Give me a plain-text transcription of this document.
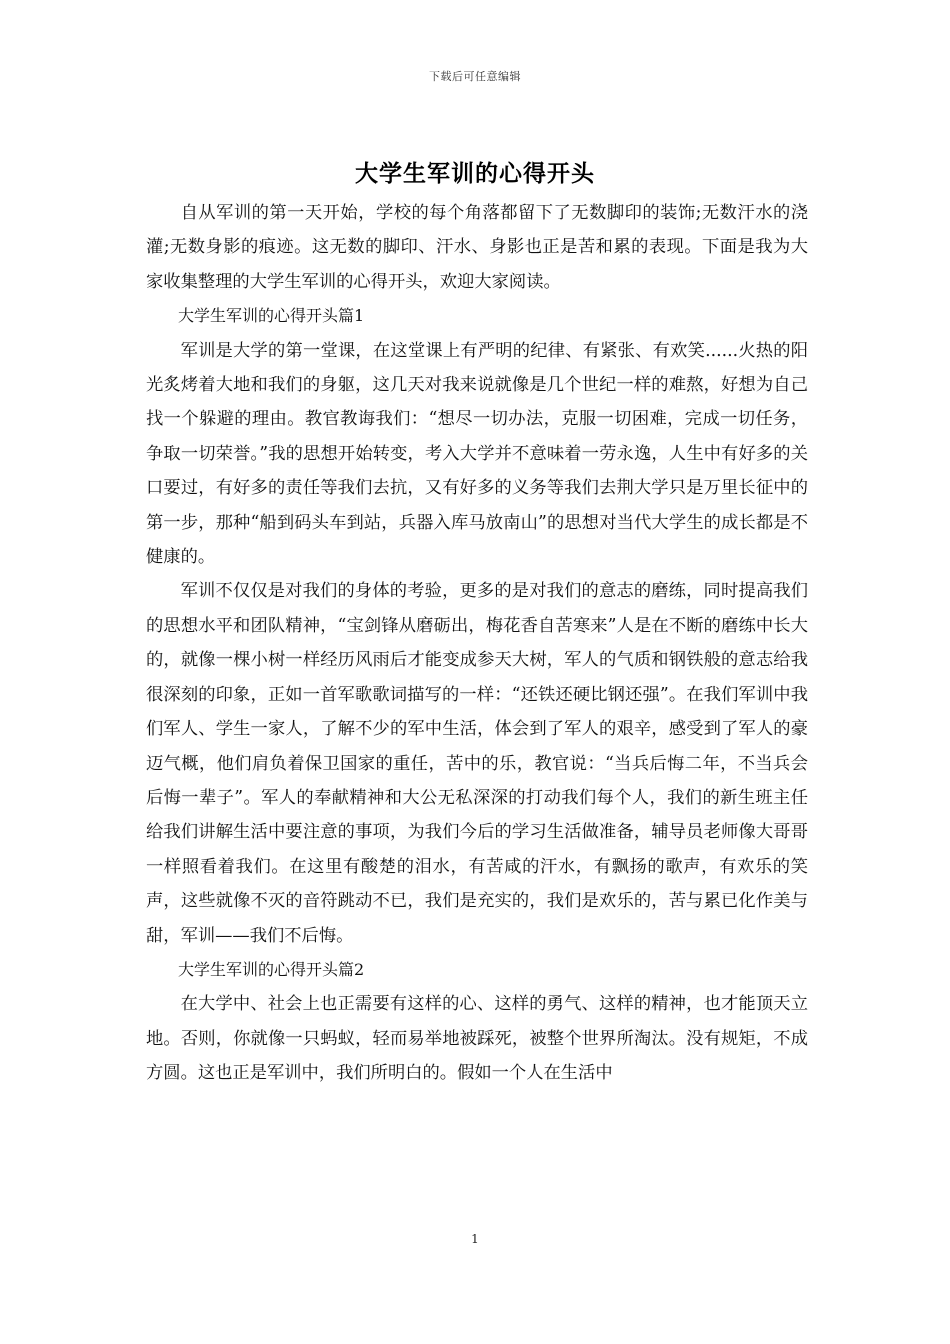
下载后可任意编辑
大学生军训的心得开头

自从军训的第一天开始，学校的每个角落都留下了无数脚印的装饰;无数汗水的浇灌;无数身影的痕迹。这无数的脚印、汗水、身影也正是苦和累的表现。下面是我为大家收集整理的大学生军训的心得开头，欢迎大家阅读。

大学生军训的心得开头篇1

军训是大学的第一堂课，在这堂课上有严明的纪律、有紧张、有欢笑......火热的阳光炙烤着大地和我们的身躯，这几天对我来说就像是几个世纪一样的难熬，好想为自己找一个躲避的理由。教官教诲我们：“想尽一切办法，克服一切困难，完成一切任务，争取一切荣誉。”我的思想开始转变，考入大学并不意味着一劳永逸，人生中有好多的关口要过，有好多的责任等我们去抗，又有好多的义务等我们去荆大学只是万里长征中的第一步，那种“船到码头车到站，兵器入库马放南山”的思想对当代大学生的成长都是不健康的。

军训不仅仅是对我们的身体的考验，更多的是对我们的意志的磨练，同时提高我们的思想水平和团队精神，“宝剑锋从磨砺出，梅花香自苦寒来”人是在不断的磨练中长大的，就像一棵小树一样经历风雨后才能变成参天大树，军人的气质和钢铁般的意志给我很深刻的印象，正如一首军歌歌词描写的一样：“还铁还硬比钢还强”。在我们军训中我们军人、学生一家人，了解不少的军中生活，体会到了军人的艰辛，感受到了军人的豪迈气概，他们肩负着保卫国家的重任，苦中的乐，教官说：“当兵后悔二年，不当兵会后悔一辈子”。军人的奉献精神和大公无私深深的打动我们每个人，我们的新生班主任给我们讲解生活中要注意的事项，为我们今后的学习生活做准备，辅导员老师像大哥哥一样照看着我们。在这里有酸楚的泪水，有苦咸的汗水，有飘扬的歌声，有欢乐的笑声，这些就像不灭的音符跳动不已，我们是充实的，我们是欢乐的，苦与累已化作美与甜，军训——我们不后悔。

大学生军训的心得开头篇2

在大学中、社会上也正需要有这样的心、这样的勇气、这样的精神，也才能顶天立地。否则，你就像一只蚂蚁，轻而易举地被踩死，被整个世界所淘汰。没有规矩，不成方圆。这也正是军训中，我们所明白的。假如一个人在生活中

1
